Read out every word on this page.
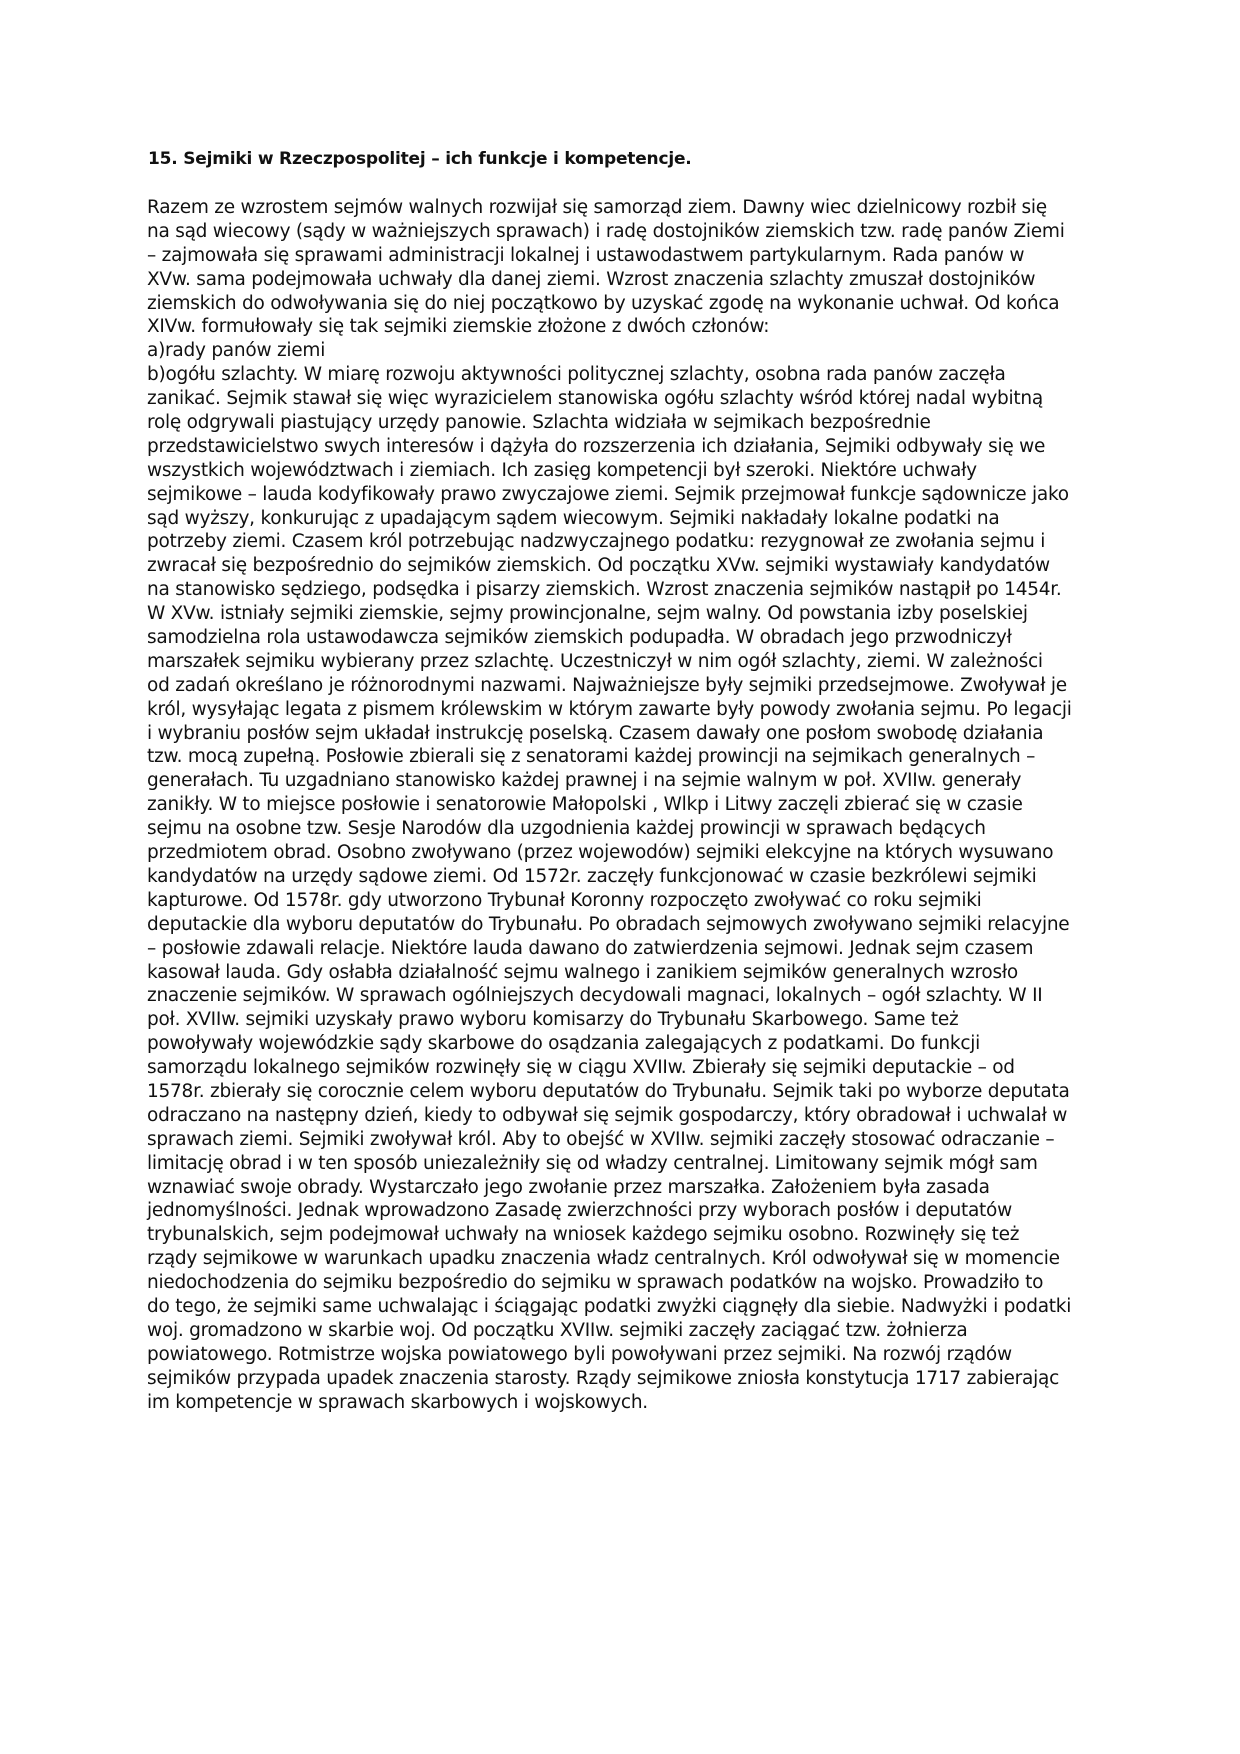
15. Sejmiki w Rzeczpospolitej – ich funkcje i kompetencje.
Razem ze wzrostem sejmów walnych rozwijał się samorząd ziem. Dawny wiec dzielnicowy rozbił się
na sąd wiecowy (sądy w ważniejszych sprawach) i radę dostojników ziemskich tzw. radę panów Ziemi
– zajmowała się sprawami administracji lokalnej i ustawodastwem partykularnym. Rada panów w
XVw. sama podejmowała uchwały dla danej ziemi. Wzrost znaczenia szlachty zmuszał dostojników
ziemskich do odwoływania się do niej początkowo by uzyskać zgodę na wykonanie uchwał. Od końca
XIVw. formułowały się tak sejmiki ziemskie złożone z dwóch członów:
a)rady panów ziemi
b)ogółu szlachty. W miarę rozwoju aktywności politycznej szlachty, osobna rada panów zaczęła
zanikać. Sejmik stawał się więc wyrazicielem stanowiska ogółu szlachty wśród której nadal wybitną
rolę odgrywali piastujący urzędy panowie. Szlachta widziała w sejmikach bezpośrednie
przedstawicielstwo swych interesów i dążyła do rozszerzenia ich działania, Sejmiki odbywały się we
wszystkich województwach i ziemiach. Ich zasięg kompetencji był szeroki. Niektóre uchwały
sejmikowe – lauda kodyfikowały prawo zwyczajowe ziemi. Sejmik przejmował funkcje sądownicze jako
sąd wyższy, konkurując z upadającym sądem wiecowym. Sejmiki nakładały lokalne podatki na
potrzeby ziemi. Czasem król potrzebując nadzwyczajnego podatku: rezygnował ze zwołania sejmu i
zwracał się bezpośrednio do sejmików ziemskich. Od początku XVw. sejmiki wystawiały kandydatów
na stanowisko sędziego, podsędka i pisarzy ziemskich. Wzrost znaczenia sejmików nastąpił po 1454r.
W XVw. istniały sejmiki ziemskie, sejmy prowincjonalne, sejm walny. Od powstania izby poselskiej
samodzielna rola ustawodawcza sejmików ziemskich podupadła. W obradach jego przwodniczył
marszałek sejmiku wybierany przez szlachtę. Uczestniczył w nim ogół szlachty, ziemi. W zależności
od zadań określano je różnorodnymi nazwami. Najważniejsze były sejmiki przedsejmowe. Zwoływał je
król, wysyłając legata z pismem królewskim w którym zawarte były powody zwołania sejmu. Po legacji
i wybraniu posłów sejm układał instrukcję poselską. Czasem dawały one posłom swobodę działania
tzw. mocą zupełną. Posłowie zbierali się z senatorami każdej prowincji na sejmikach generalnych –
generałach. Tu uzgadniano stanowisko każdej prawnej i na sejmie walnym w poł. XVIIw. generały
zanikły. W to miejsce posłowie i senatorowie Małopolski , Wlkp i Litwy zaczęli zbierać się w czasie
sejmu na osobne tzw. Sesje Narodów dla uzgodnienia każdej prowincji w sprawach będących
przedmiotem obrad. Osobno zwoływano (przez wojewodów) sejmiki elekcyjne na których wysuwano
kandydatów na urzędy sądowe ziemi. Od 1572r. zaczęły funkcjonować w czasie bezkrólewi sejmiki
kapturowe. Od 1578r. gdy utworzono Trybunał Koronny rozpoczęto zwoływać co roku sejmiki
deputackie dla wyboru deputatów do Trybunału. Po obradach sejmowych zwoływano sejmiki relacyjne
– posłowie zdawali relacje. Niektóre lauda dawano do zatwierdzenia sejmowi. Jednak sejm czasem
kasował lauda. Gdy osłabła działalność sejmu walnego i zanikiem sejmików generalnych wzrosło
znaczenie sejmików. W sprawach ogólniejszych decydowali magnaci, lokalnych – ogół szlachty. W II
poł. XVIIw. sejmiki uzyskały prawo wyboru komisarzy do Trybunału Skarbowego. Same też
powoływały wojewódzkie sądy skarbowe do osądzania zalegających z podatkami. Do funkcji
samorządu lokalnego sejmików rozwinęły się w ciągu XVIIw. Zbierały się sejmiki deputackie – od
1578r. zbierały się corocznie celem wyboru deputatów do Trybunału. Sejmik taki po wyborze deputata
odraczano na następny dzień, kiedy to odbywał się sejmik gospodarczy, który obradował i uchwalał w
sprawach ziemi. Sejmiki zwoływał król. Aby to obejść w XVIIw. sejmiki zaczęły stosować odraczanie –
limitację obrad i w ten sposób uniezależniły się od władzy centralnej. Limitowany sejmik mógł sam
wznawiać swoje obrady. Wystarczało jego zwołanie przez marszałka. Założeniem była zasada
jednomyślności. Jednak wprowadzono Zasadę zwierzchności przy wyborach posłów i deputatów
trybunalskich, sejm podejmował uchwały na wniosek każdego sejmiku osobno. Rozwinęły się też
rządy sejmikowe w warunkach upadku znaczenia władz centralnych. Król odwoływał się w momencie
niedochodzenia do sejmiku bezpośredio do sejmiku w sprawach podatków na wojsko. Prowadziło to
do tego, że sejmiki same uchwalając i ściągając podatki zwyżki ciągnęły dla siebie. Nadwyżki i podatki
woj. gromadzono w skarbie woj. Od początku XVIIw. sejmiki zaczęły zaciągać tzw. żołnierza
powiatowego. Rotmistrze wojska powiatowego byli powoływani przez sejmiki. Na rozwój rządów
sejmików przypada upadek znaczenia starosty. Rządy sejmikowe zniosła konstytucja 1717 zabierając
im kompetencje w sprawach skarbowych i wojskowych.
